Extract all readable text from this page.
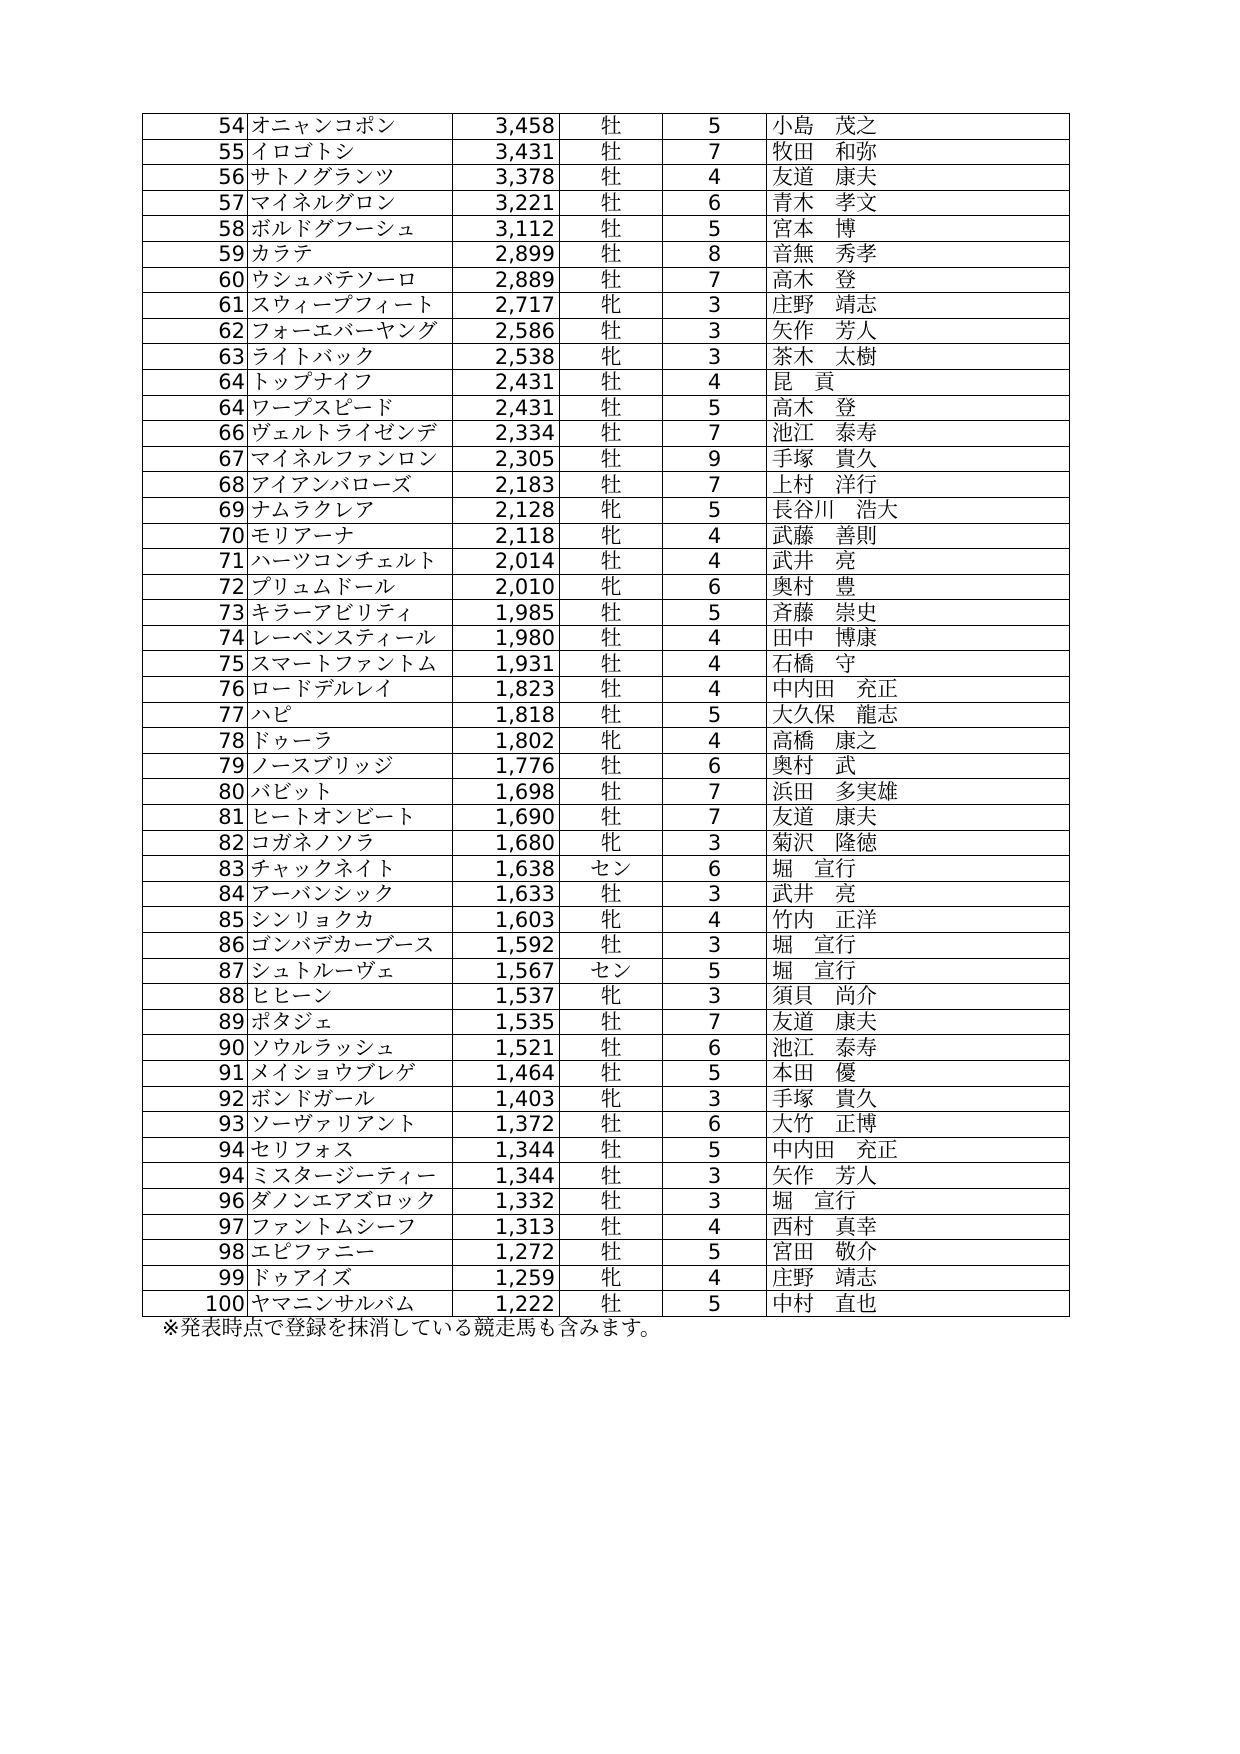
54	オニャンコポン	3,458	牡	5	小島　茂之
55	イロゴトシ	3,431	牡	7	牧田　和弥
56	サトノグランツ	3,378	牡	4	友道　康夫
57	マイネルグロン	3,221	牡	6	青木　孝文
58	ボルドグフーシュ	3,112	牡	5	宮本　博
59	カラテ	2,899	牡	8	音無　秀孝
60	ウシュバテソーロ	2,889	牡	7	高木　登
61	スウィープフィート	2,717	牝	3	庄野　靖志
62	フォーエバーヤング	2,586	牡	3	矢作　芳人
63	ライトバック	2,538	牝	3	茶木　太樹
64	トップナイフ	2,431	牡	4	昆　貢
64	ワープスピード	2,431	牡	5	高木　登
66	ヴェルトライゼンデ	2,334	牡	7	池江　泰寿
67	マイネルファンロン	2,305	牡	9	手塚　貴久
68	アイアンバローズ	2,183	牡	7	上村　洋行
69	ナムラクレア	2,128	牝	5	長谷川　浩大
70	モリアーナ	2,118	牝	4	武藤　善則
71	ハーツコンチェルト	2,014	牡	4	武井　亮
72	プリュムドール	2,010	牝	6	奥村　豊
73	キラーアビリティ	1,985	牡	5	斉藤　崇史
74	レーベンスティール	1,980	牡	4	田中　博康
75	スマートファントム	1,931	牡	4	石橋　守
76	ロードデルレイ	1,823	牡	4	中内田　充正
77	ハピ	1,818	牡	5	大久保　龍志
78	ドゥーラ	1,802	牝	4	高橋　康之
79	ノースブリッジ	1,776	牡	6	奥村　武
80	バビット	1,698	牡	7	浜田　多実雄
81	ヒートオンビート	1,690	牡	7	友道　康夫
82	コガネノソラ	1,680	牝	3	菊沢　隆徳
83	チャックネイト	1,638	セン	6	堀　宣行
84	アーバンシック	1,633	牡	3	武井　亮
85	シンリョクカ	1,603	牝	4	竹内　正洋
86	ゴンバデカーブース	1,592	牡	3	堀　宣行
87	シュトルーヴェ	1,567	セン	5	堀　宣行
88	ヒヒーン	1,537	牝	3	須貝　尚介
89	ポタジェ	1,535	牡	7	友道　康夫
90	ソウルラッシュ	1,521	牡	6	池江　泰寿
91	メイショウブレゲ	1,464	牡	5	本田　優
92	ボンドガール	1,403	牝	3	手塚　貴久
93	ソーヴァリアント	1,372	牡	6	大竹　正博
94	セリフォス	1,344	牡	5	中内田　充正
94	ミスタージーティー	1,344	牡	3	矢作　芳人
96	ダノンエアズロック	1,332	牡	3	堀　宣行
97	ファントムシーフ	1,313	牡	4	西村　真幸
98	エピファニー	1,272	牡	5	宮田　敬介
99	ドゥアイズ	1,259	牝	4	庄野　靖志
100	ヤマニンサルバム	1,222	牡	5	中村　直也
※発表時点で登録を抹消している競走馬も含みます。
